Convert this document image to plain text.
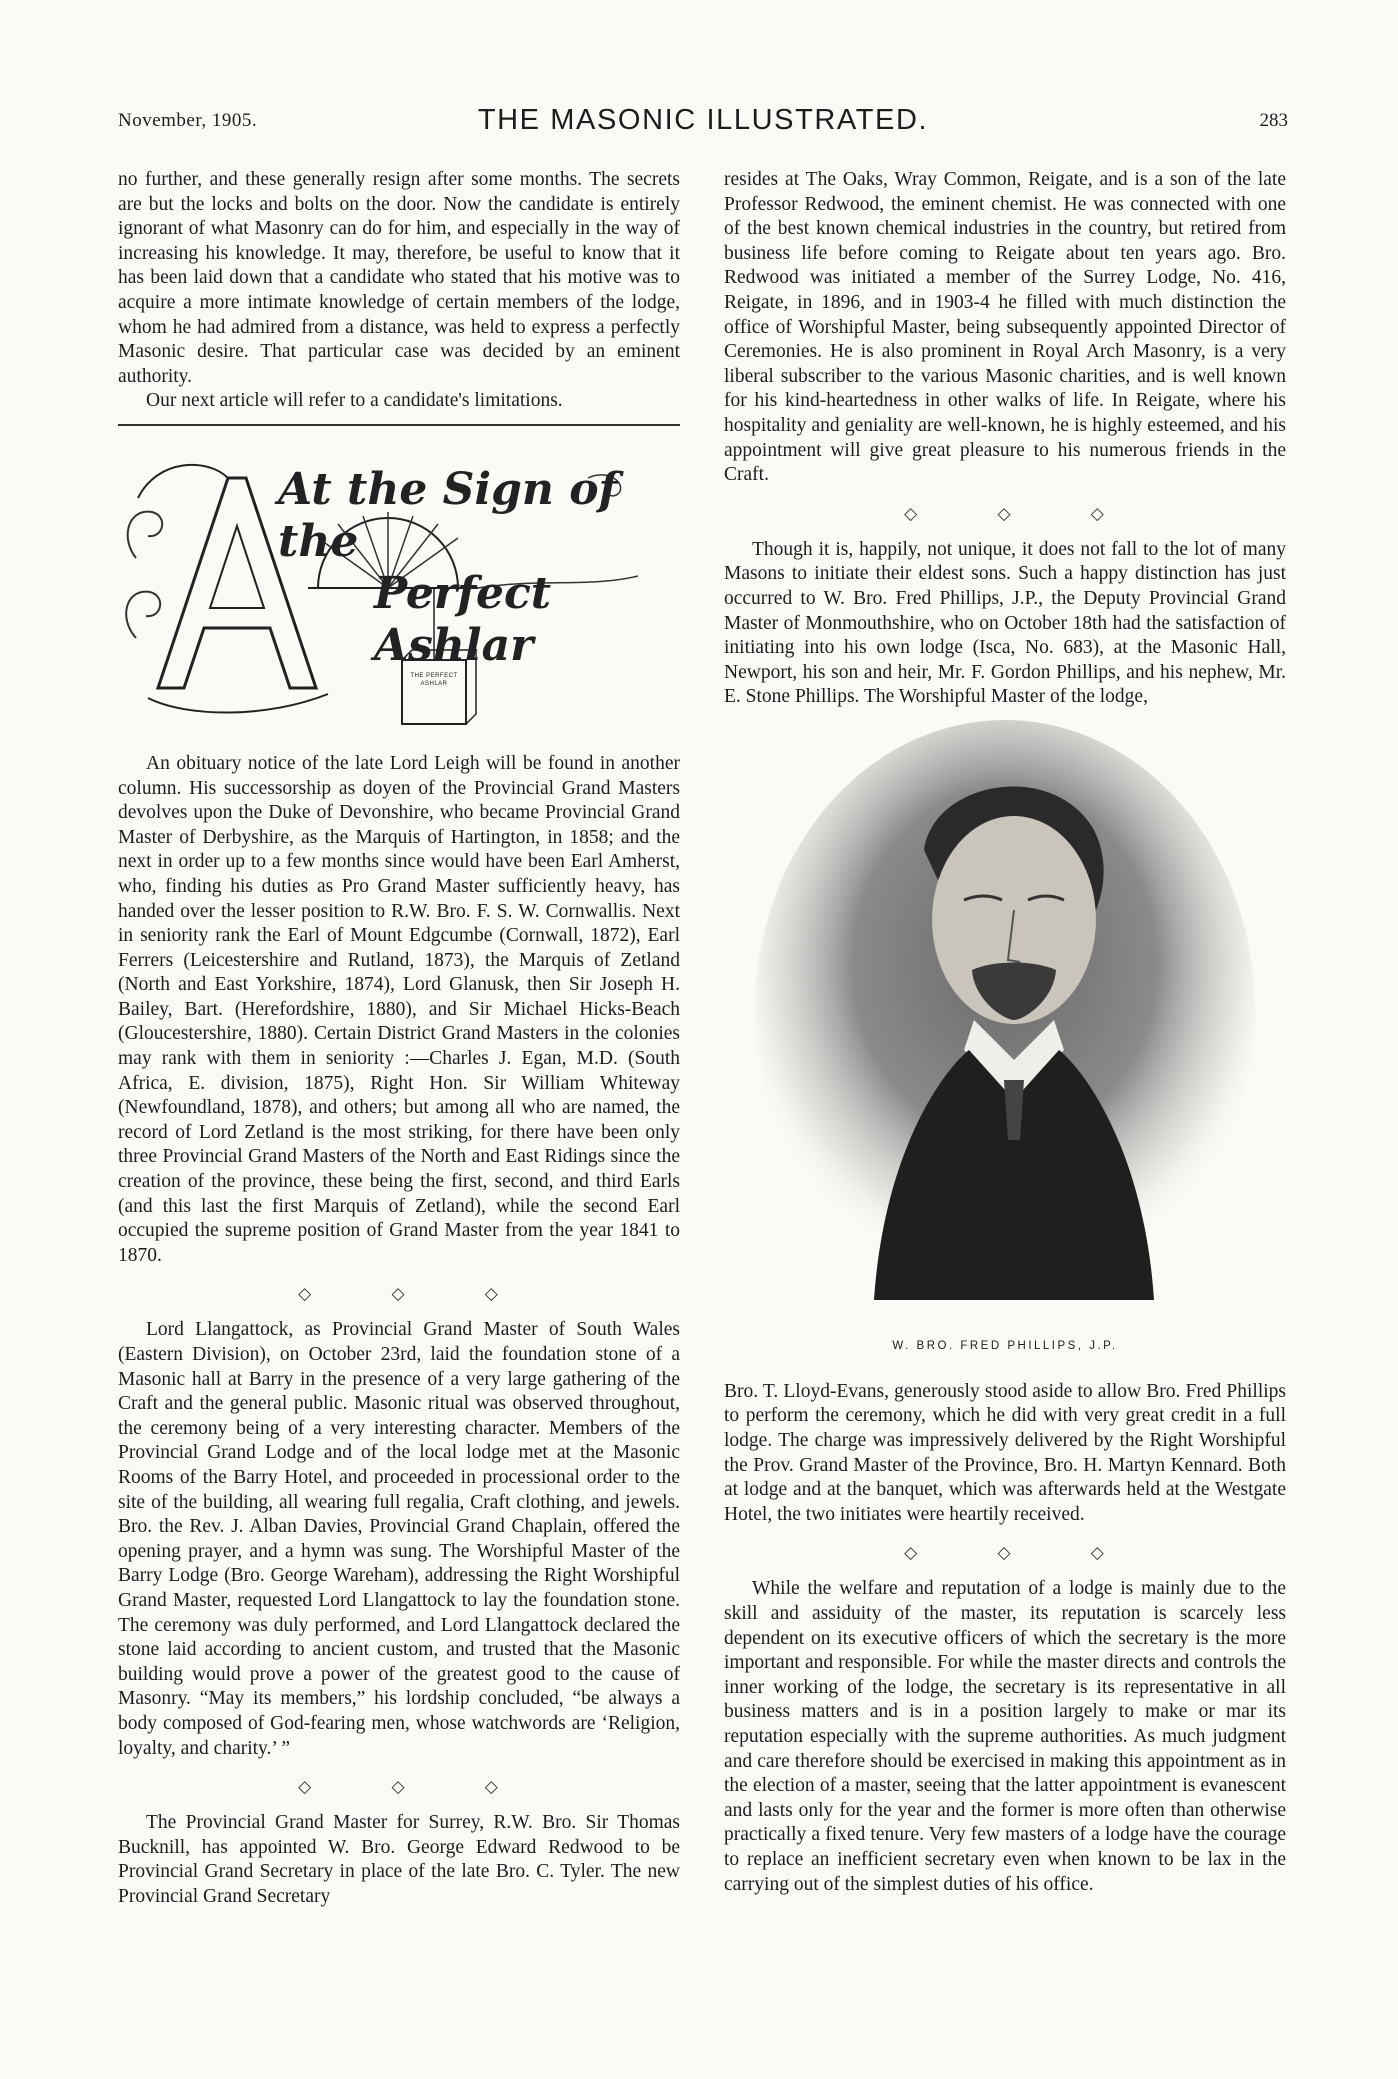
November, 1905.	THE MASONIC ILLUSTRATED.	283

no further, and these generally resign after some months. The secrets are but the locks and bolts on the door. Now the candidate is entirely ignorant of what Masonry can do for him, and especially in the way of increasing his knowledge. It may, therefore, be useful to know that it has been laid down that a candidate who stated that his motive was to acquire a more intimate knowledge of certain members of the lodge, whom he had admired from a distance, was held to express a perfectly Masonic desire. That particular case was decided by an eminent authority.

Our next article will refer to a candidate's limitations.

At the Sign of the
Perfect Ashlar
THE PERFECT ASHLAR

An obituary notice of the late Lord Leigh will be found in another column. His successorship as doyen of the Provincial Grand Masters devolves upon the Duke of Devonshire, who became Provincial Grand Master of Derbyshire, as the Marquis of Hartington, in 1858; and the next in order up to a few months since would have been Earl Amherst, who, finding his duties as Pro Grand Master sufficiently heavy, has handed over the lesser position to R.W. Bro. F. S. W. Cornwallis. Next in seniority rank the Earl of Mount Edgcumbe (Cornwall, 1872), Earl Ferrers (Leicestershire and Rutland, 1873), the Marquis of Zetland (North and East Yorkshire, 1874), Lord Glanusk, then Sir Joseph H. Bailey, Bart. (Herefordshire, 1880), and Sir Michael Hicks-Beach (Gloucestershire, 1880). Certain District Grand Masters in the colonies may rank with them in seniority :—Charles J. Egan, M.D. (South Africa, E. division, 1875), Right Hon. Sir William Whiteway (Newfoundland, 1878), and others; but among all who are named, the record of Lord Zetland is the most striking, for there have been only three Provincial Grand Masters of the North and East Ridings since the creation of the province, these being the first, second, and third Earls (and this last the first Marquis of Zetland), while the second Earl occupied the supreme position of Grand Master from the year 1841 to 1870.

◇ ◇ ◇

Lord Llangattock, as Provincial Grand Master of South Wales (Eastern Division), on October 23rd, laid the foundation stone of a Masonic hall at Barry in the presence of a very large gathering of the Craft and the general public. Masonic ritual was observed throughout, the ceremony being of a very interesting character. Members of the Provincial Grand Lodge and of the local lodge met at the Masonic Rooms of the Barry Hotel, and proceeded in processional order to the site of the building, all wearing full regalia, Craft clothing, and jewels. Bro. the Rev. J. Alban Davies, Provincial Grand Chaplain, offered the opening prayer, and a hymn was sung. The Worshipful Master of the Barry Lodge (Bro. George Wareham), addressing the Right Worshipful Grand Master, requested Lord Llangattock to lay the foundation stone. The ceremony was duly performed, and Lord Llangattock declared the stone laid according to ancient custom, and trusted that the Masonic building would prove a power of the greatest good to the cause of Masonry. “May its members,” his lordship concluded, “be always a body composed of God-fearing men, whose watchwords are ‘Religion, loyalty, and charity.’ ”

◇ ◇ ◇

The Provincial Grand Master for Surrey, R.W. Bro. Sir Thomas Bucknill, has appointed W. Bro. George Edward Redwood to be Provincial Grand Secretary in place of the late Bro. C. Tyler. The new Provincial Grand Secretary

resides at The Oaks, Wray Common, Reigate, and is a son of the late Professor Redwood, the eminent chemist. He was connected with one of the best known chemical industries in the country, but retired from business life before coming to Reigate about ten years ago. Bro. Redwood was initiated a member of the Surrey Lodge, No. 416, Reigate, in 1896, and in 1903-4 he filled with much distinction the office of Worshipful Master, being subsequently appointed Director of Ceremonies. He is also prominent in Royal Arch Masonry, is a very liberal subscriber to the various Masonic charities, and is well known for his kind-heartedness in other walks of life. In Reigate, where his hospitality and geniality are well-known, he is highly esteemed, and his appointment will give great pleasure to his numerous friends in the Craft.

◇ ◇ ◇

Though it is, happily, not unique, it does not fall to the lot of many Masons to initiate their eldest sons. Such a happy distinction has just occurred to W. Bro. Fred Phillips, J.P., the Deputy Provincial Grand Master of Monmouthshire, who on October 18th had the satisfaction of initiating into his own lodge (Isca, No. 683), at the Masonic Hall, Newport, his son and heir, Mr. F. Gordon Phillips, and his nephew, Mr. E. Stone Phillips. The Worshipful Master of the lodge,

W. BRO. FRED PHILLIPS, J.P.

Bro. T. Lloyd-Evans, generously stood aside to allow Bro. Fred Phillips to perform the ceremony, which he did with very great credit in a full lodge. The charge was impressively delivered by the Right Worshipful the Prov. Grand Master of the Province, Bro. H. Martyn Kennard. Both at lodge and at the banquet, which was afterwards held at the Westgate Hotel, the two initiates were heartily received.

◇ ◇ ◇

While the welfare and reputation of a lodge is mainly due to the skill and assiduity of the master, its reputation is scarcely less dependent on its executive officers of which the secretary is the more important and responsible. For while the master directs and controls the inner working of the lodge, the secretary is its representative in all business matters and is in a position largely to make or mar its reputation especially with the supreme authorities. As much judgment and care therefore should be exercised in making this appointment as in the election of a master, seeing that the latter appointment is evanescent and lasts only for the year and the former is more often than otherwise practically a fixed tenure. Very few masters of a lodge have the courage to replace an inefficient secretary even when known to be lax in the carrying out of the simplest duties of his office.
